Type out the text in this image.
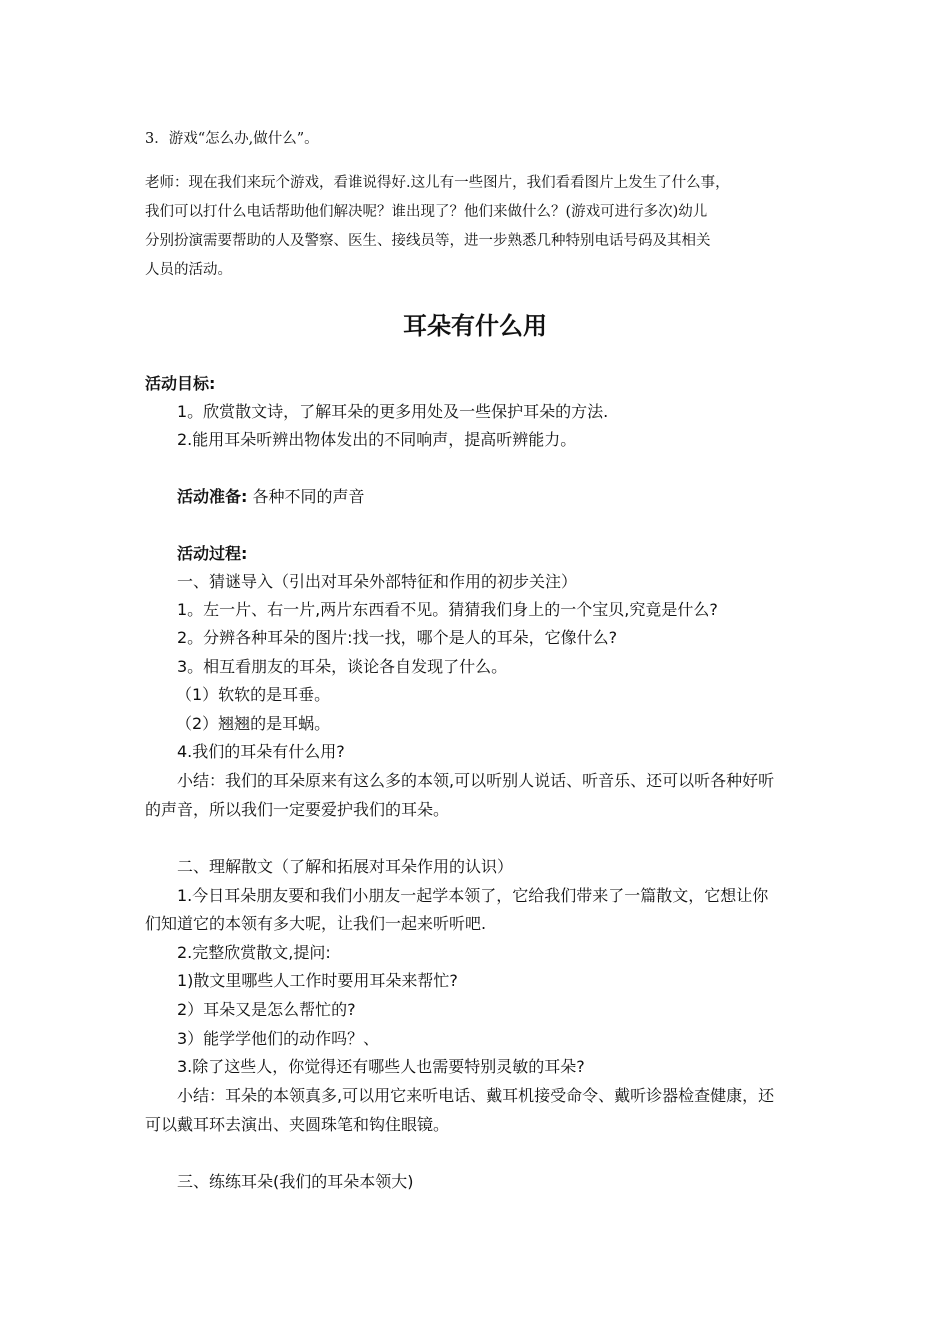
3．游戏“怎么办,做什么”。
老师：现在我们来玩个游戏，看谁说得好.这儿有一些图片，我们看看图片上发生了什么事，
我们可以打什么电话帮助他们解决呢？谁出现了？他们来做什么？(游戏可进行多次)幼儿
分别扮演需要帮助的人及警察、医生、接线员等，进一步熟悉几种特别电话号码及其相关
人员的活动。
耳朵有什么用
活动目标:
1。欣赏散文诗，了解耳朵的更多用处及一些保护耳朵的方法.
2.能用耳朵听辨出物体发出的不同响声，提高听辨能力。
活动准备: 各种不同的声音
活动过程:
一、猜谜导入（引出对耳朵外部特征和作用的初步关注）
1。左一片、右一片,两片东西看不见。猜猜我们身上的一个宝贝,究竟是什么?
2。分辨各种耳朵的图片:找一找，哪个是人的耳朵，它像什么?
3。相互看朋友的耳朵，谈论各自发现了什么。
（1）软软的是耳垂。
（2）翘翘的是耳蜗。
4.我们的耳朵有什么用?
小结：我们的耳朵原来有这么多的本领,可以听别人说话、听音乐、还可以听各种好听
的声音，所以我们一定要爱护我们的耳朵。
二、理解散文（了解和拓展对耳朵作用的认识）
1.今日耳朵朋友要和我们小朋友一起学本领了，它给我们带来了一篇散文，它想让你
们知道它的本领有多大呢，让我们一起来听听吧.
2.完整欣赏散文,提问:
1)散文里哪些人工作时要用耳朵来帮忙?
2）耳朵又是怎么帮忙的?
3）能学学他们的动作吗？、
3.除了这些人，你觉得还有哪些人也需要特别灵敏的耳朵?
小结：耳朵的本领真多,可以用它来听电话、戴耳机接受命令、戴听诊器检查健康，还
可以戴耳环去演出、夹圆珠笔和钩住眼镜。
三、练练耳朵(我们的耳朵本领大)
